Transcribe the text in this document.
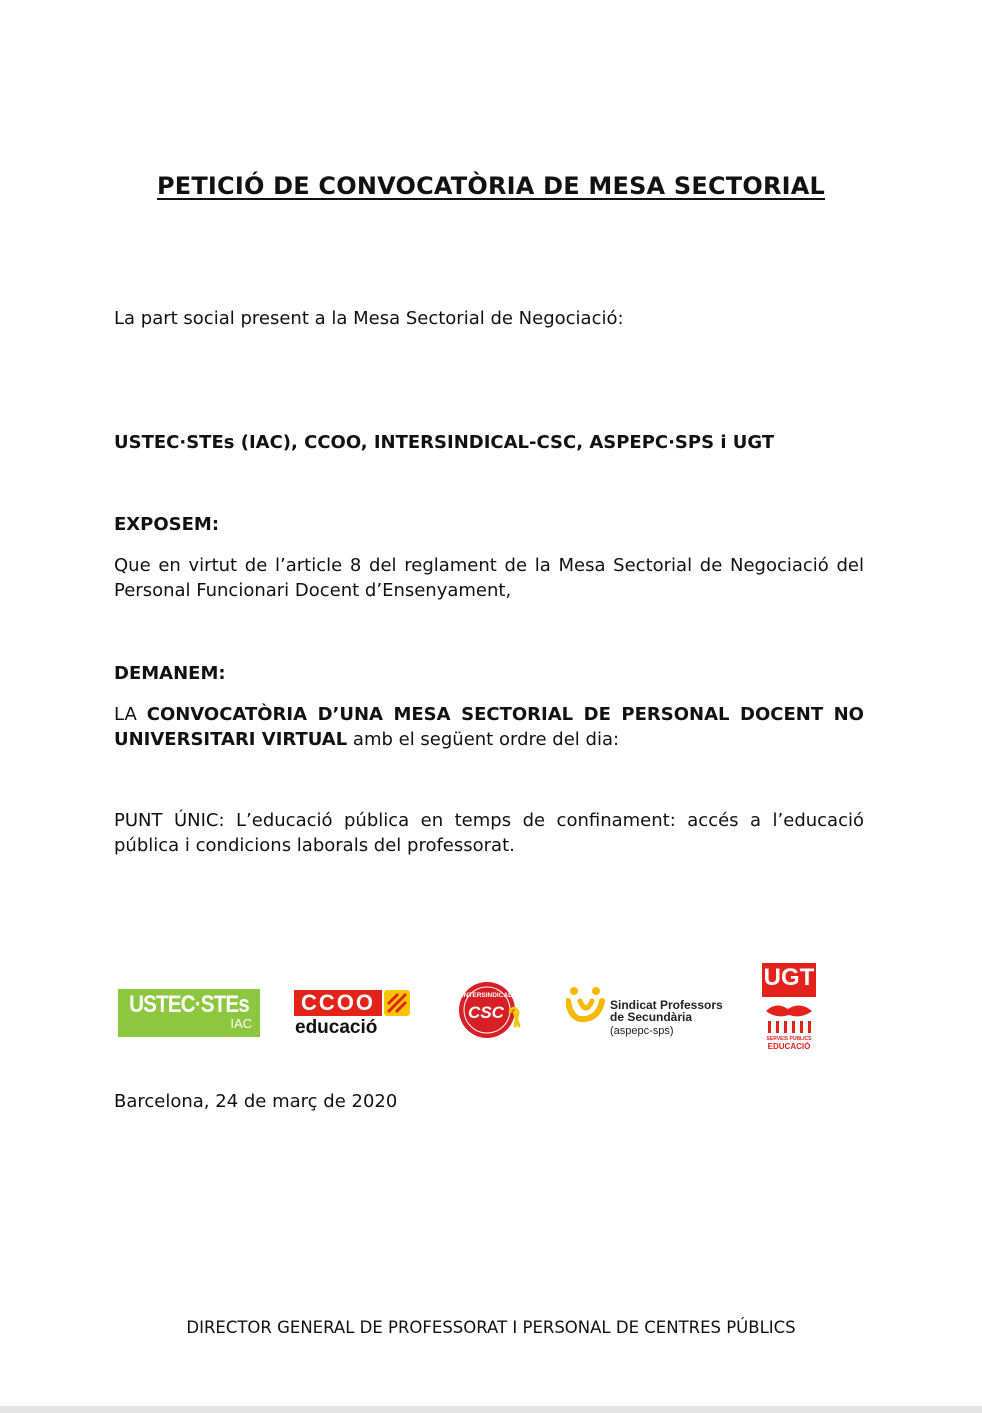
PETICIÓ DE CONVOCATÒRIA DE MESA SECTORIAL
La part social present a la Mesa Sectorial de Negociació:
USTEC·STEs (IAC), CCOO, INTERSINDICAL-CSC, ASPEPC·SPS i UGT
EXPOSEM:
Que en virtut de l’article 8 del reglament de la Mesa Sectorial de Negociació del Personal Funcionari Docent d’Ensenyament,
DEMANEM:
LA CONVOCATÒRIA D’UNA MESA SECTORIAL DE PERSONAL DOCENT NO UNIVERSITARI VIRTUAL amb el següent ordre del dia:
PUNT ÚNIC: L’educació pública en temps de confinament: accés a l’educació pública i condicions laborals del professorat.
USTEC·STEs
IAC
CCOO
educació
INTERSINDICAL
CSC	Sindicat Professors
de Secundària
(aspepc-sps)
UGT
SERVEIS PÚBLICS
EDUCACIÓ
Barcelona, 24 de març de 2020
DIRECTOR GENERAL DE PROFESSORAT I PERSONAL DE CENTRES PÚBLICS
